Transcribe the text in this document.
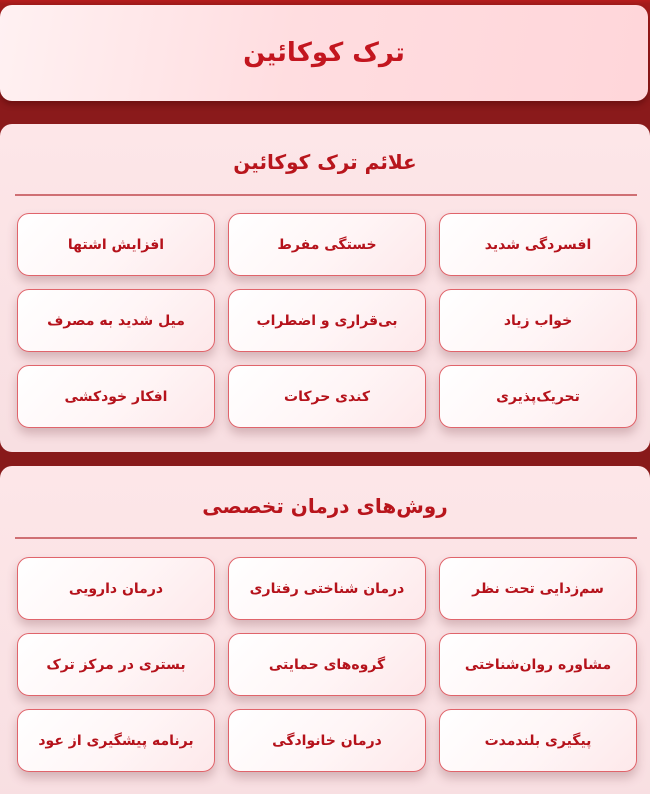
ترک کوکائین
علائم ترک کوکائین
افسردگی شدید
خستگی مفرط
افزایش اشتها
خواب زیاد
بی‌قراری و اضطراب
میل شدید به مصرف
تحریک‌پذیری
کندی حرکات
افکار خودکشی
روش‌های درمان تخصصی
سم‌زدایی تحت نظر
درمان شناختی رفتاری
درمان دارویی
مشاوره روان‌شناختی
گروه‌های حمایتی
بستری در مرکز ترک
پیگیری بلندمدت
درمان خانوادگی
برنامه پیشگیری از عود
